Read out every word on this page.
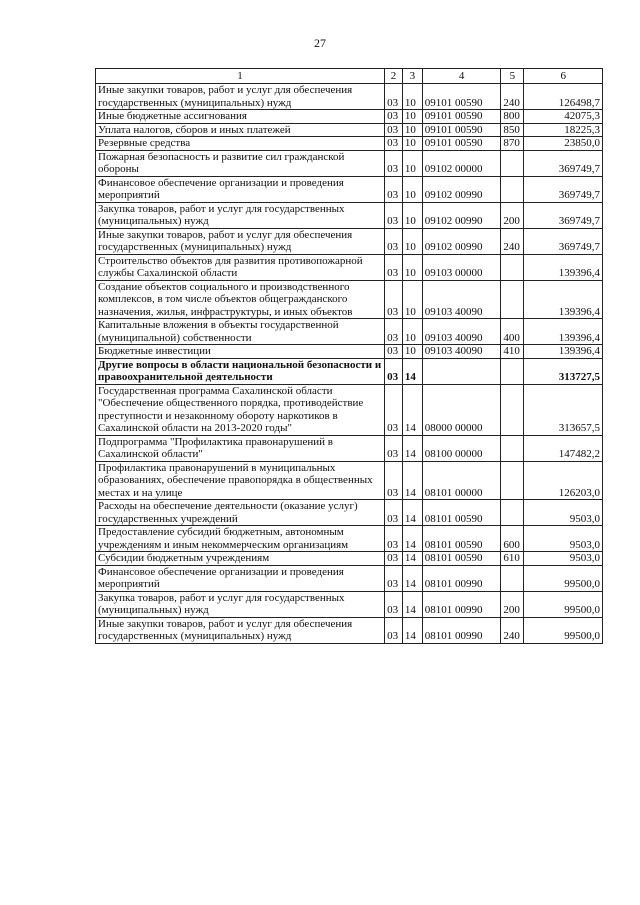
27
1	2	3	4	5	6
Иные закупки товаров, работ и услуг для обеспечения государственных (муниципальных) нужд	03	10	09101 00590	240	126498,7
Иные бюджетные ассигнования	03	10	09101 00590	800	42075,3
Уплата налогов, сборов и иных платежей	03	10	09101 00590	850	18225,3
Резервные средства	03	10	09101 00590	870	23850,0
Пожарная безопасность и развитие сил гражданской обороны	03	10	09102 00000		369749,7
Финансовое обеспечение организации и проведения мероприятий	03	10	09102 00990		369749,7
Закупка товаров, работ и услуг для государственных (муниципальных) нужд	03	10	09102 00990	200	369749,7
Иные закупки товаров, работ и услуг для обеспечения государственных (муниципальных) нужд	03	10	09102 00990	240	369749,7
Строительство объектов для развития противопожарной службы Сахалинской области	03	10	09103 00000		139396,4
Создание объектов социального и производственного комплексов, в том числе объектов общегражданского назначения, жилья, инфраструктуры, и иных объектов	03	10	09103 40090		139396,4
Капитальные вложения в объекты государственной (муниципальной) собственности	03	10	09103 40090	400	139396,4
Бюджетные инвестиции	03	10	09103 40090	410	139396,4
Другие вопросы в области национальной безопасности и правоохранительной деятельности	03	14			313727,5
Государственная программа Сахалинской области "Обеспечение общественного порядка, противодействие преступности и незаконному обороту наркотиков в Сахалинской области на 2013-2020 годы"	03	14	08000 00000		313657,5
Подпрограмма "Профилактика правонарушений в Сахалинской области"	03	14	08100 00000		147482,2
Профилактика правонарушений в муниципальных образованиях, обеспечение правопорядка в общественных местах и на улице	03	14	08101 00000		126203,0
Расходы на обеспечение деятельности (оказание услуг) государственных учреждений	03	14	08101 00590		9503,0
Предоставление субсидий бюджетным, автономным учреждениям и иным некоммерческим организациям	03	14	08101 00590	600	9503,0
Субсидии бюджетным учреждениям	03	14	08101 00590	610	9503,0
Финансовое обеспечение организации и проведения мероприятий	03	14	08101 00990		99500,0
Закупка товаров, работ и услуг для государственных (муниципальных) нужд	03	14	08101 00990	200	99500,0
Иные закупки товаров, работ и услуг для обеспечения государственных (муниципальных) нужд	03	14	08101 00990	240	99500,0
